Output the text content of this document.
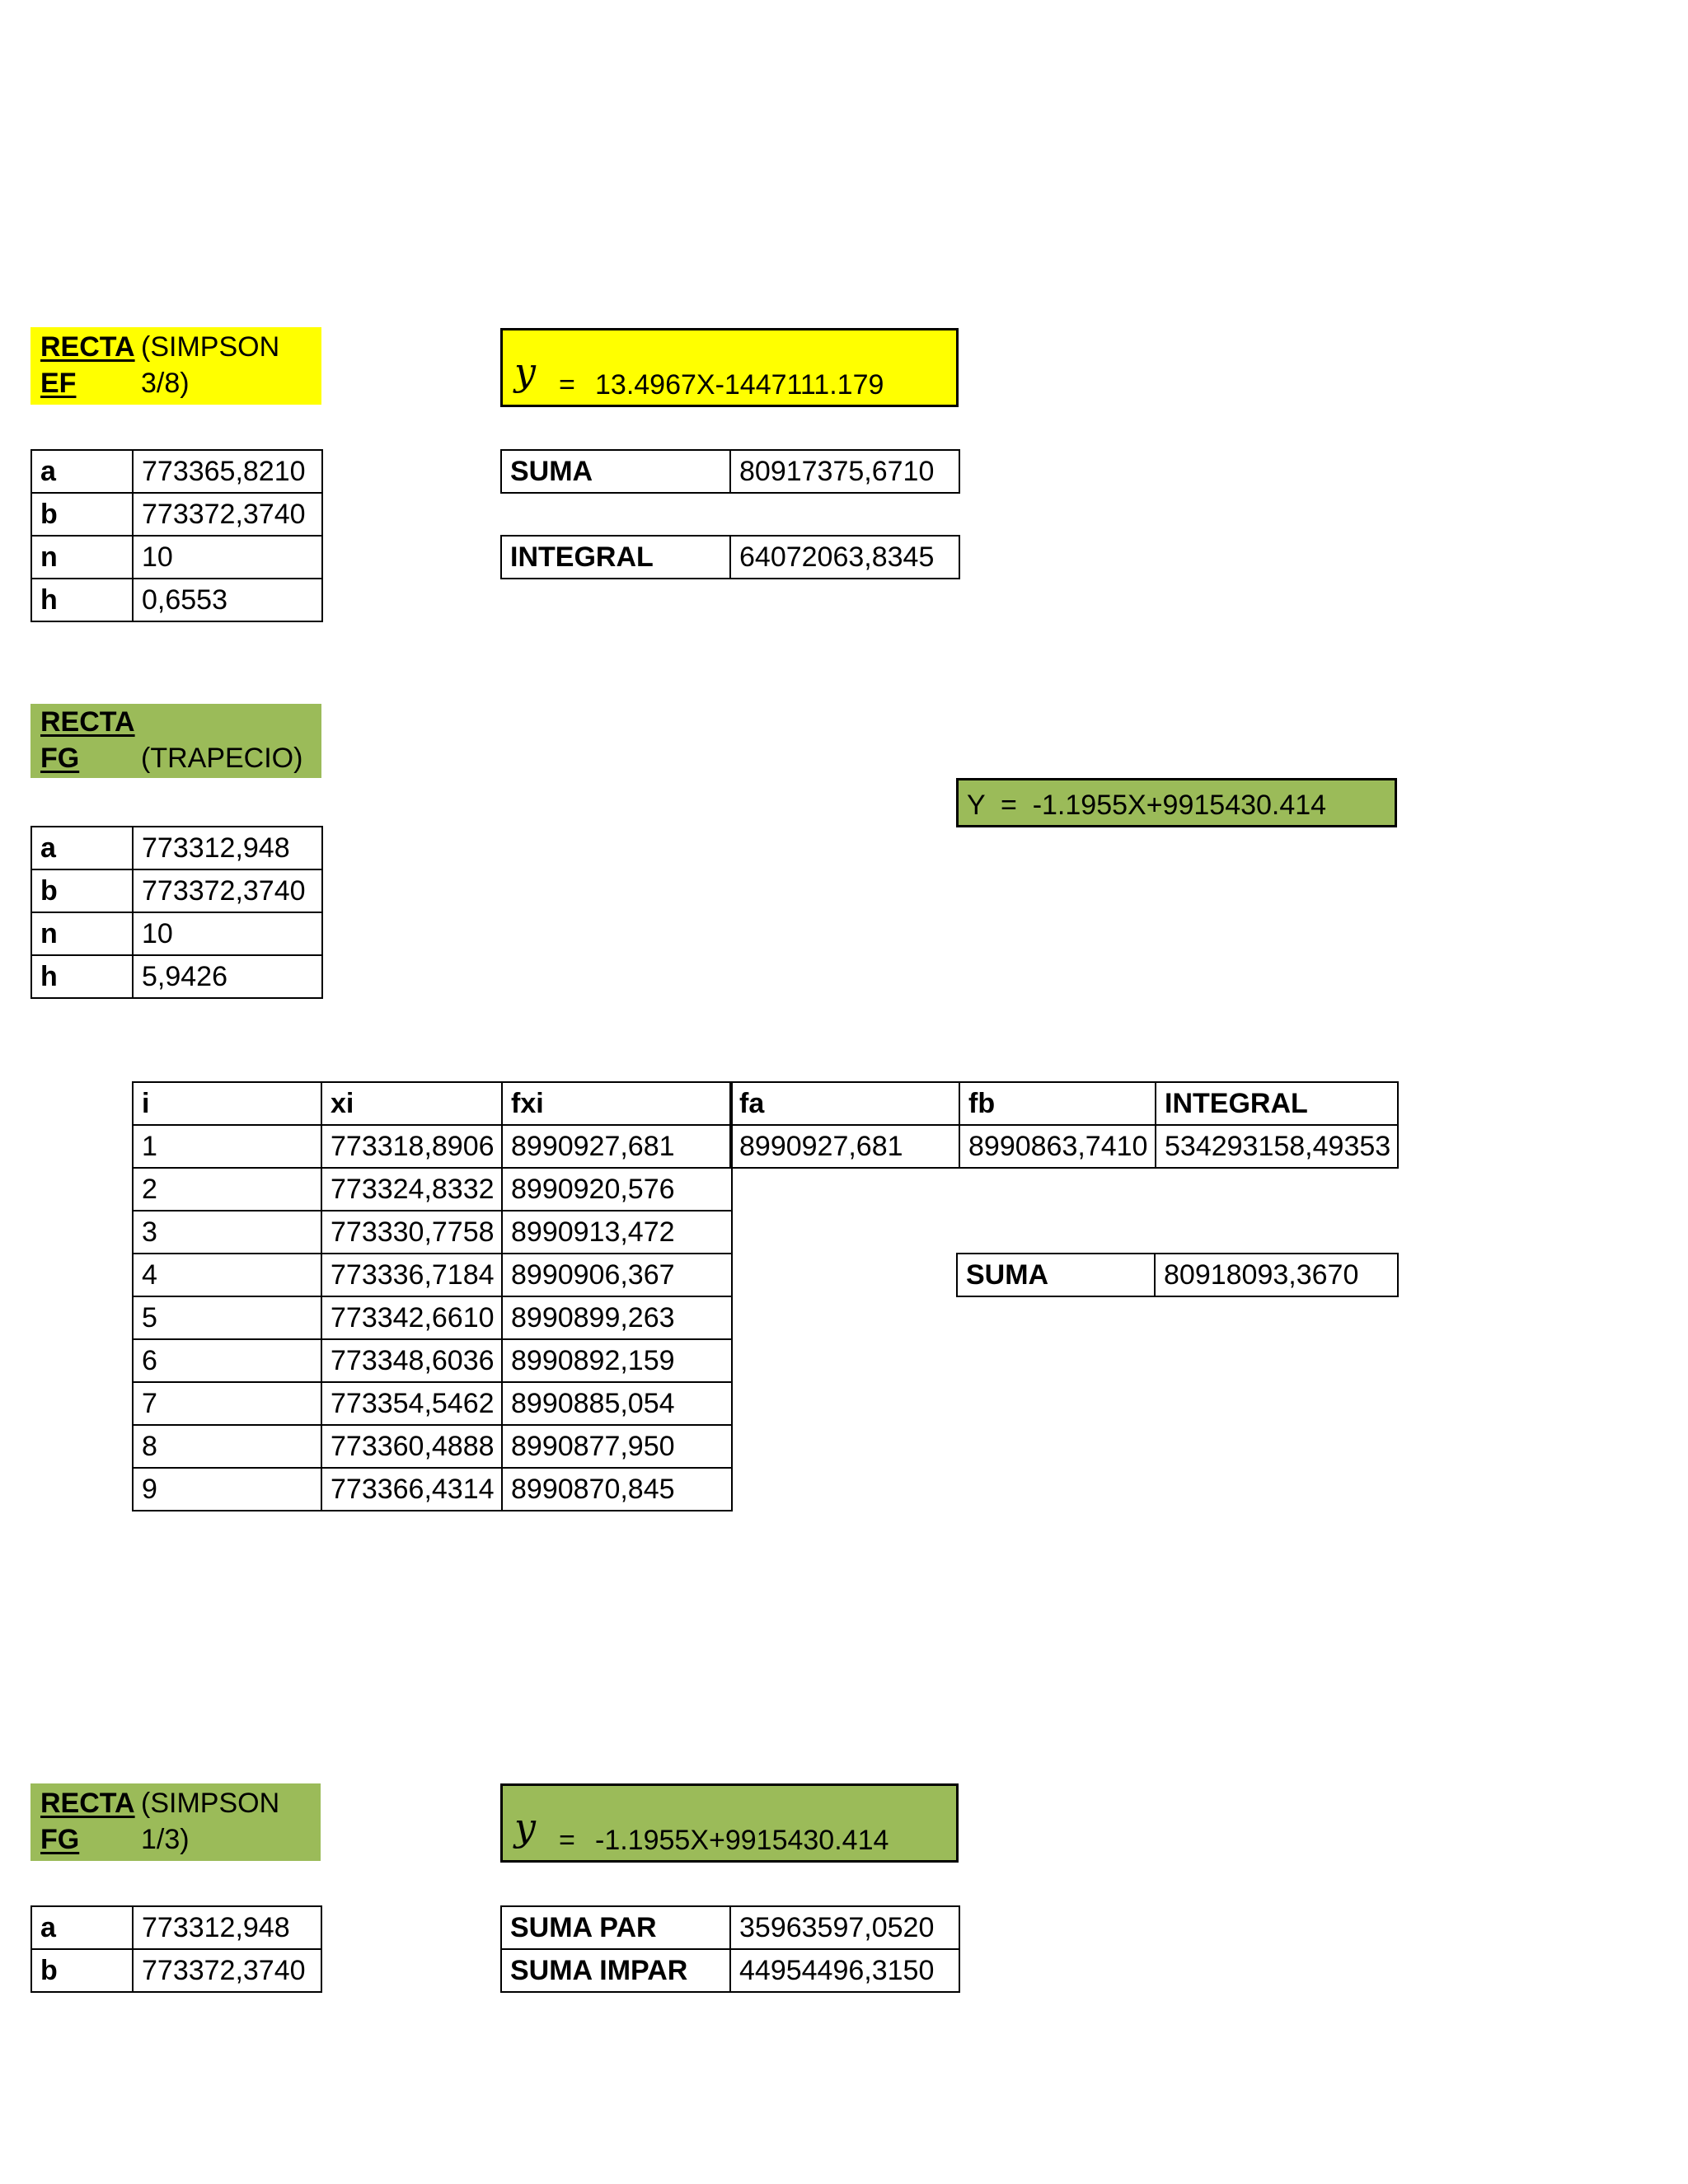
RECTA
EF
(SIMPSON
3/8)	y = 13.4967X-1447111.179
a	773365,8210
b	773372,3740
n	10
h	0,6553
SUMA	80917375,6710
INTEGRAL	64072063,8345
RECTA
FG (TRAPECIO)
Y  =  -1.1955X+9915430.414
a	773312,948
b	773372,3740
n	10
h	5,9426
i	xi	fxi
1	773318,8906	8990927,681
2	773324,8332	8990920,576
3	773330,7758	8990913,472
4	773336,7184	8990906,367
5	773342,6610	8990899,263
6	773348,6036	8990892,159
7	773354,5462	8990885,054
8	773360,4888	8990877,950
9	773366,4314	8990870,845
fa	fb	INTEGRAL
8990927,681	8990863,7410	534293158,49353
SUMA	80918093,3670
RECTA
FG
(SIMPSON
1/3)	y = -1.1955X+9915430.414
a	773312,948
b	773372,3740
SUMA PAR	35963597,0520
SUMA IMPAR	44954496,3150
